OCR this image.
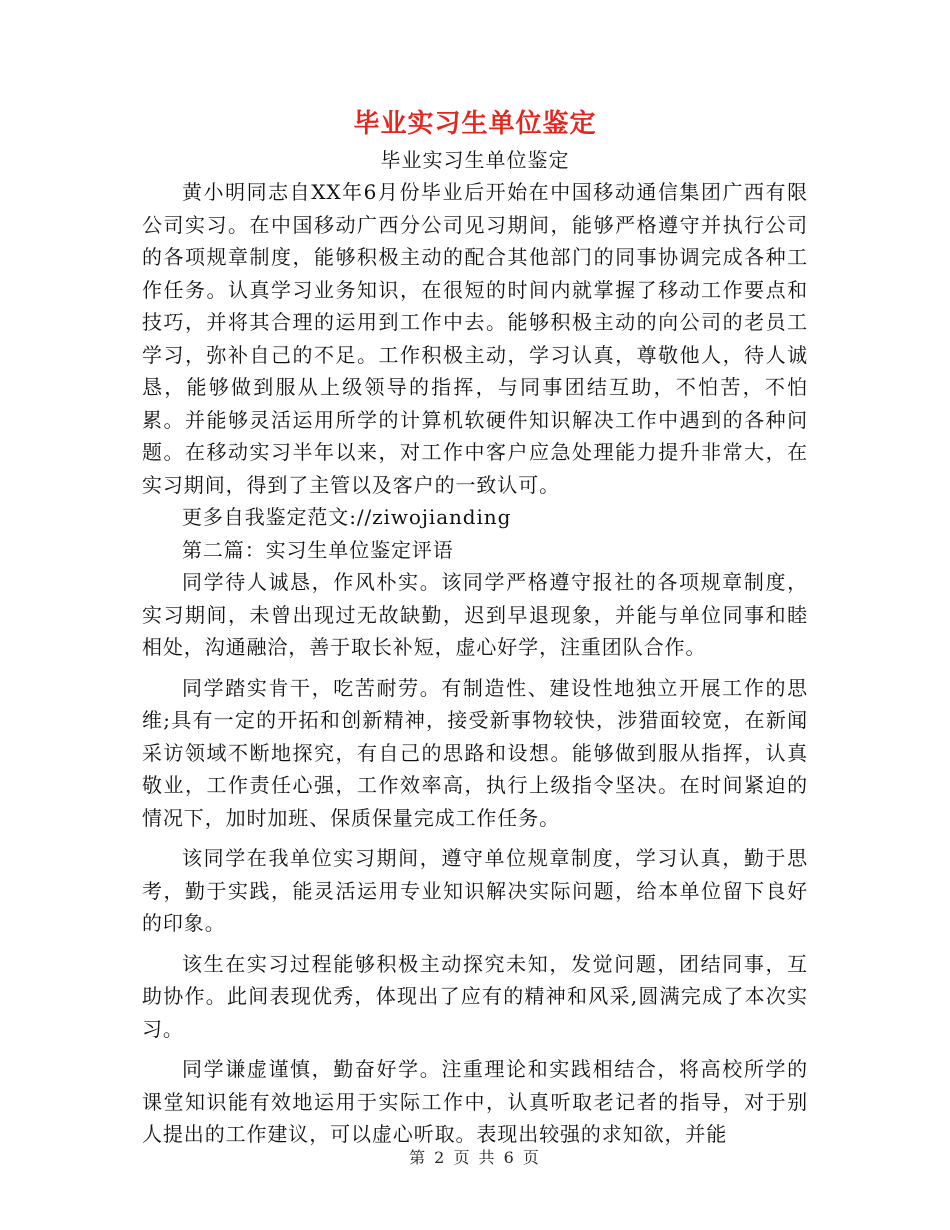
毕业实习生单位鉴定
毕业实习生单位鉴定

黄小明同志自XX年6月份毕业后开始在中国移动通信集团广西有限公司实习。在中国移动广西分公司见习期间，能够严格遵守并执行公司的各项规章制度，能够积极主动的配合其他部门的同事协调完成各种工作任务。认真学习业务知识，在很短的时间内就掌握了移动工作要点和技巧，并将其合理的运用到工作中去。能够积极主动的向公司的老员工学习，弥补自己的不足。工作积极主动，学习认真，尊敬他人，待人诚恳，能够做到服从上级领导的指挥，与同事团结互助，不怕苦，不怕累。并能够灵活运用所学的计算机软硬件知识解决工作中遇到的各种问题。在移动实习半年以来，对工作中客户应急处理能力提升非常大，在实习期间，得到了主管以及客户的一致认可。

更多自我鉴定范文://ziwojianding

第二篇：实习生单位鉴定评语

同学待人诚恳，作风朴实。该同学严格遵守报社的各项规章制度，实习期间，未曾出现过无故缺勤，迟到早退现象，并能与单位同事和睦相处，沟通融洽，善于取长补短，虚心好学，注重团队合作。

同学踏实肯干，吃苦耐劳。有制造性、建设性地独立开展工作的思维;具有一定的开拓和创新精神，接受新事物较快，涉猎面较宽，在新闻采访领域不断地探究，有自己的思路和设想。能够做到服从指挥，认真敬业，工作责任心强，工作效率高，执行上级指令坚决。在时间紧迫的情况下，加时加班、保质保量完成工作任务。

该同学在我单位实习期间，遵守单位规章制度，学习认真，勤于思考，勤于实践，能灵活运用专业知识解决实际问题，给本单位留下良好的印象。

该生在实习过程能够积极主动探究未知，发觉问题，团结同事，互助协作。此间表现优秀，体现出了应有的精神和风采,圆满完成了本次实习。

同学谦虚谨慎，勤奋好学。注重理论和实践相结合，将高校所学的课堂知识能有效地运用于实际工作中，认真听取老记者的指导，对于别人提出的工作建议，可以虚心听取。表现出较强的求知欲，并能

第 2 页 共 6 页
